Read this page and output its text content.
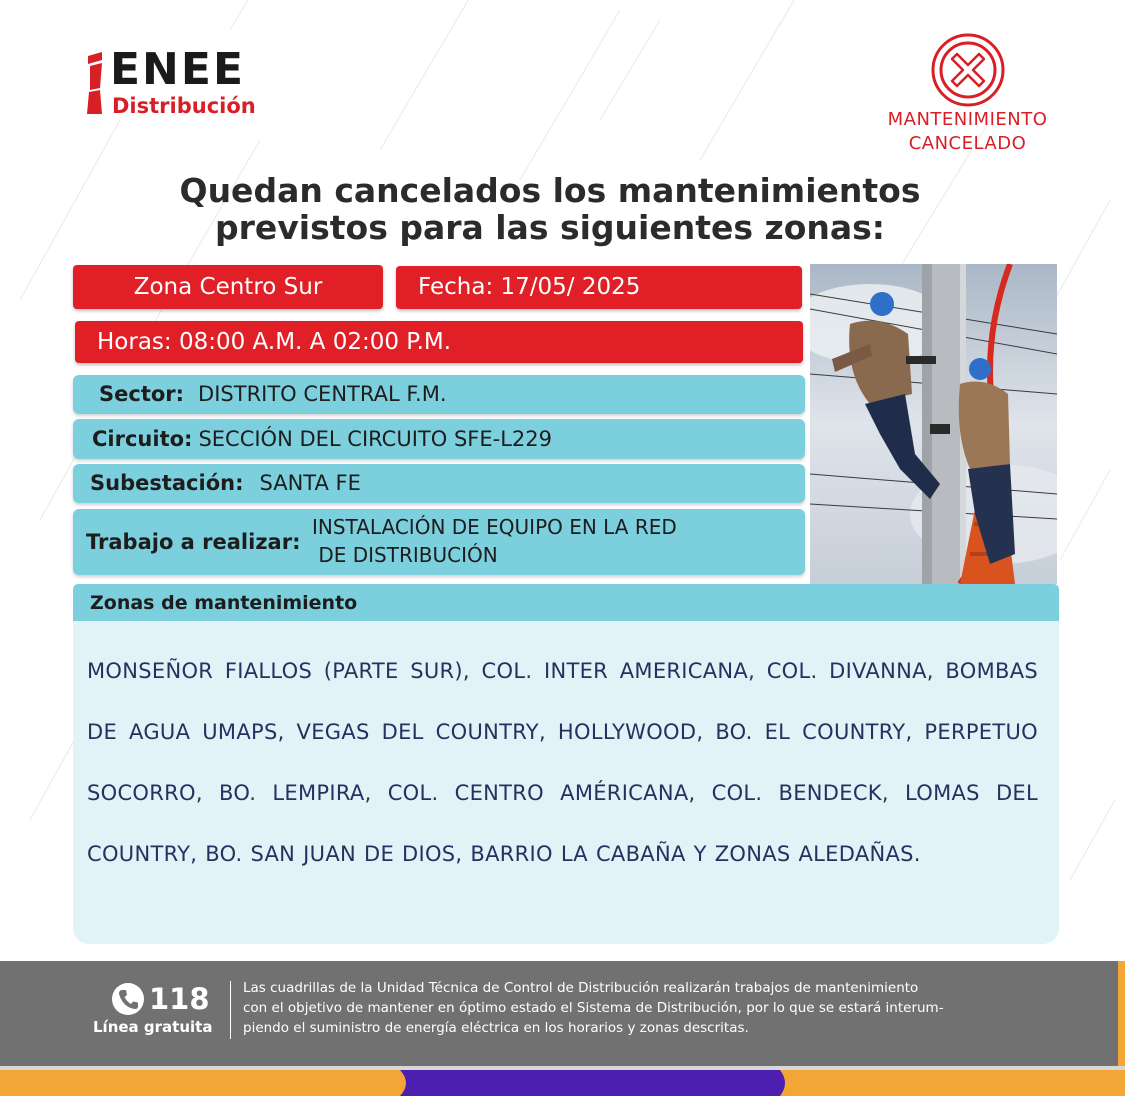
ENEE
Distribución
MANTENIMIENTO
CANCELADO
Quedan cancelados los mantenimientos
previstos para las siguientes zonas:
Zona Centro Sur	Fecha: 17/05/ 2025
Horas: 08:00 A.M. A 02:00 P.M.
Sector: DISTRITO CENTRAL F.M.
Circuito: SECCIÓN DEL CIRCUITO SFE-L229
Subestación: SANTA FE
Trabajo a realizar:
INSTALACIÓN DE EQUIPO EN LA RED
DE DISTRIBUCIÓN
Zonas de mantenimiento

MONSEÑOR FIALLOS (PARTE SUR), COL. INTER AMERICANA, COL. DIVANNA, BOMBAS DE AGUA UMAPS, VEGAS DEL COUNTRY, HOLLYWOOD, BO. EL COUNTRY, PERPETUO SOCORRO, BO. LEMPIRA, COL. CENTRO AMÉRICANA, COL. BENDECK, LOMAS DEL COUNTRY, BO. SAN JUAN DE DIOS, BARRIO LA CABAÑA Y ZONAS ALEDAÑAS.

118
Línea gratuita
Las cuadrillas de la Unidad Técnica de Control de Distribución realizarán trabajos de mantenimiento
con el objetivo de mantener en óptimo estado el Sistema de Distribución, por lo que se estará interum-
piendo el suministro de energía eléctrica en los horarios y zonas descritas.
